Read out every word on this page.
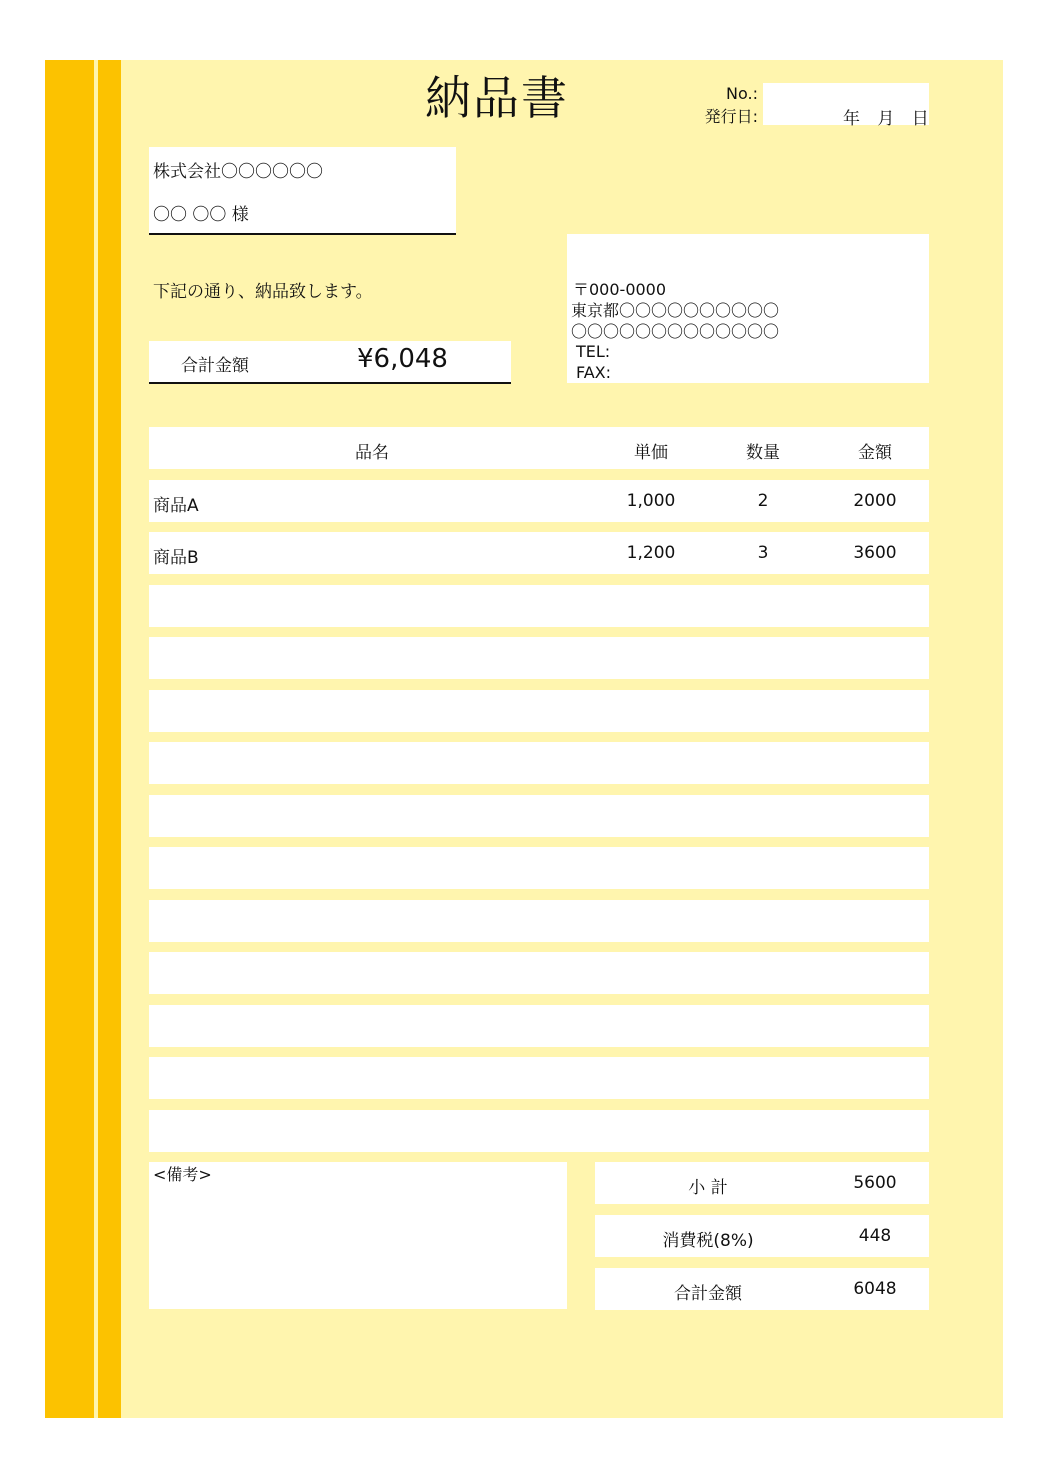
納品書	No.:
発行日:	年 月 日
株式会社〇〇〇〇〇〇
〇〇 〇〇 様
下記の通り、納品致します。
合計金額	¥6,048
〒000-0000
東京都〇〇〇〇〇〇〇〇〇〇
〇〇〇〇〇〇〇〇〇〇〇〇〇
TEL:
FAX:
品名	単価	数量	金額
商品A	1,000	2	2000
商品B	1,200	3	3600
<備考>
小 計	5600
消費税(8%)	448
合計金額	6048
